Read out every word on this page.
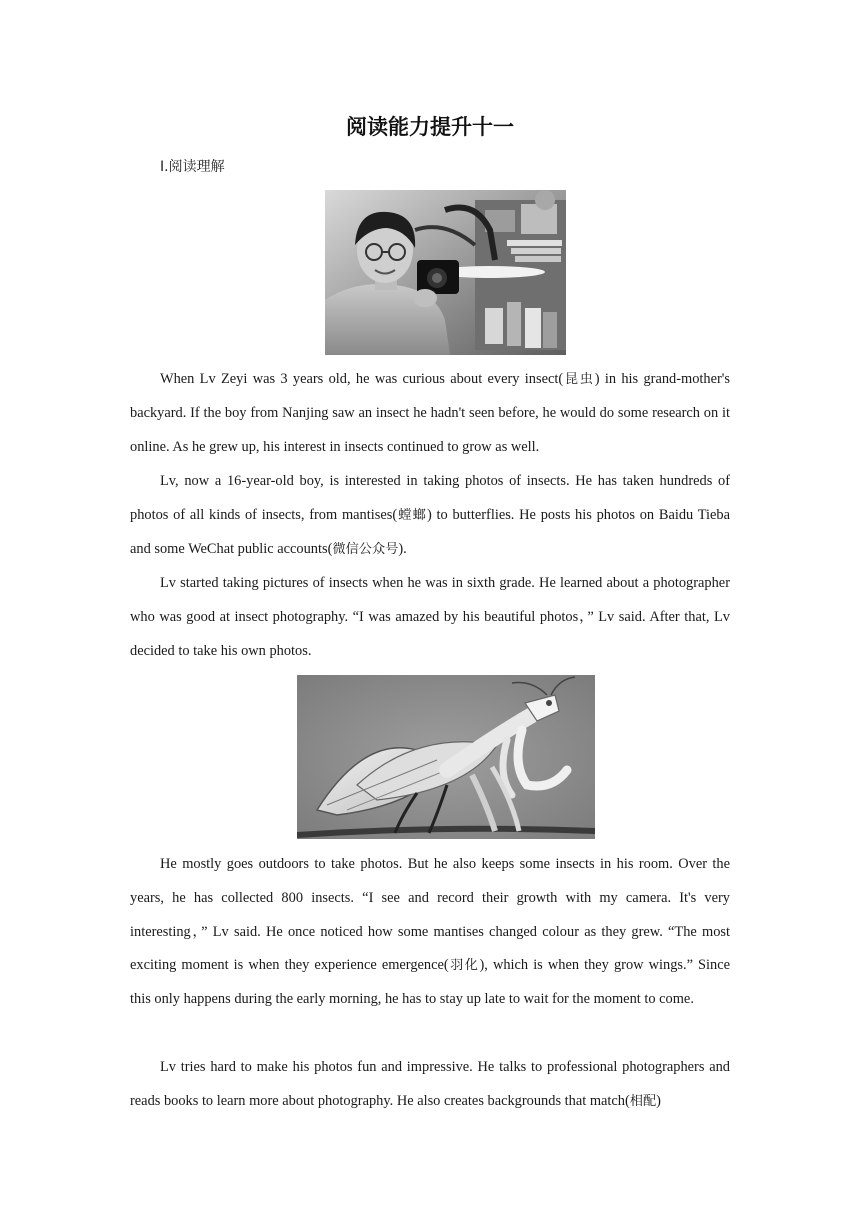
阅读能力提升十一
Ⅰ.阅读理解

When Lv Zeyi was 3 years old, he was curious about every insect(昆虫) in his grand-mother's backyard. If the boy from Nanjing saw an insect he hadn't seen before, he would do some research on it online. As he grew up, his interest in insects continued to grow as well.

Lv, now a 16-year-old boy, is interested in taking photos of insects. He has taken hundreds of photos of all kinds of insects, from mantises(螳螂) to butterflies. He posts his photos on Baidu Tieba and some WeChat public accounts(微信公众号).

Lv started taking pictures of insects when he was in sixth grade. He learned about a photographer who was good at insect photography. “I was amazed by his beautiful photos，” Lv said. After that, Lv decided to take his own photos.

He mostly goes outdoors to take photos. But he also keeps some insects in his room. Over the years, he has collected 800 insects. “I see and record their growth with my camera. It's very interesting，” Lv said. He once noticed how some mantises changed colour as they grew. “The most exciting moment is when they experience emergence(羽化), which is when they grow wings.” Since this only happens during the early morning, he has to stay up late to wait for the moment to come.

Lv tries hard to make his photos fun and impressive. He talks to professional photographers and reads books to learn more about photography. He also creates backgrounds that match(相配)
